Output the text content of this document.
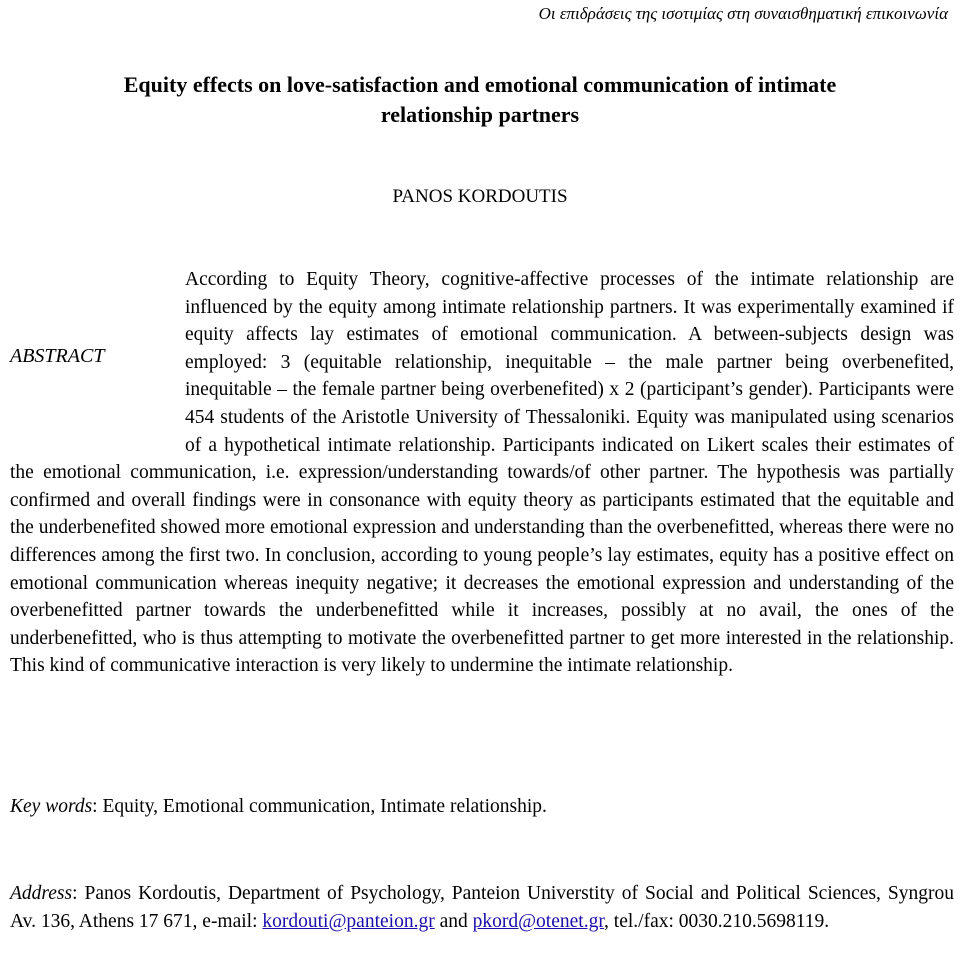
Οι επιδράσεις της ισοτιμίας στη συναισθηματική επικοινωνία
Equity effects on love-satisfaction and emotional communication of intimate
relationship partners
PANOS KORDOUTIS
ABSTRACT
According to Equity Theory, cognitive-affective processes of the intimate relationship are influenced by the equity among intimate relationship partners. It was experimentally examined if equity affects lay estimates of emotional communication. A between-subjects design was employed: 3 (equitable relationship, inequitable – the male partner being overbenefited, inequitable – the female partner being overbenefited) x 2 (participant’s gender). Participants were 454 students of the Aristotle University of Thessaloniki. Equity was manipulated using scenarios of a hypothetical intimate relationship. Participants indicated on Likert scales their estimates of the emotional communication, i.e. expression/understanding towards/of other partner. The hypothesis was partially confirmed and overall findings were in consonance with equity theory as participants estimated that the equitable and the underbenefited showed more emotional expression and understanding than the overbenefitted, whereas there were no differences among the first two. In conclusion, according to young people’s lay estimates, equity has a positive effect on emotional communication whereas inequity negative; it decreases the emotional expression and understanding of the overbenefitted partner towards the underbenefitted while it increases, possibly at no avail, the ones of the underbenefitted, who is thus attempting to motivate the overbenefitted partner to get more interested in the relationship. This kind of communicative interaction is very likely to undermine the intimate relationship.
Key words: Equity, Emotional communication, Intimate relationship.
Address: Panos Kordoutis, Department of Psychology, Panteion Universtity of Social and Political Sciences, Syngrou Av. 136, Athens 17 671, e-mail: kordouti@panteion.gr and pkord@otenet.gr, tel./fax: 0030.210.5698119.
